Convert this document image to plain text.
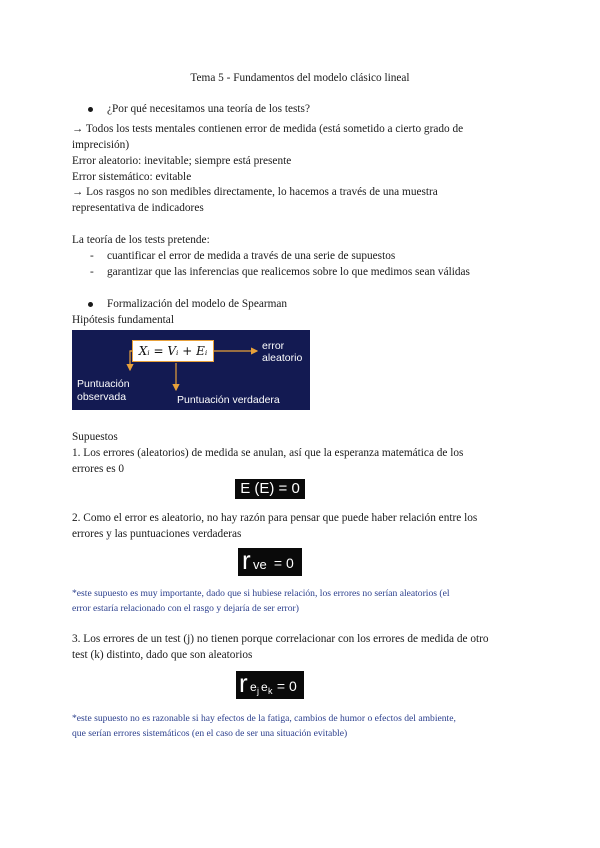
Tema 5 - Fundamentos del modelo clásico lineal
¿Por qué necesitamos una teoría de los tests?
→ Todos los tests mentales contienen error de medida (está sometido a cierto grado de
imprecisión)
Error aleatorio: inevitable; siempre está presente
Error sistemático: evitable
→ Los rasgos no son medibles directamente, lo hacemos a través de una muestra
representativa de indicadores
La teoría de los tests pretende:
- cuantificar el error de medida a través de una serie de supuestos
- garantizar que las inferencias que realicemos sobre lo que medimos sean válidas
Formalización del modelo de Spearman
Hipótesis fundamental
Xᵢ = Vᵢ + Eᵢ	error
aleatorio
Puntuación
observada	Puntuación verdadera
Supuestos
1. Los errores (aleatorios) de medida se anulan, así que la esperanza matemática de los
errores es 0
E (E) = 0
2. Como el error es aleatorio, no hay razón para pensar que puede haber relación entre los
errores y las puntuaciones verdaderas
r ve = 0
*este supuesto es muy importante, dado que si hubiese relación, los errores no serían aleatorios (el
error estaría relacionado con el rasgo y dejaría de ser error)
3. Los errores de un test (j) no tienen porque correlacionar con los errores de medida de otro
test (k) distinto, dado que son aleatorios
r e j e k = 0
*este supuesto no es razonable si hay efectos de la fatiga, cambios de humor o efectos del ambiente,
que serían errores sistemáticos (en el caso de ser una situación evitable)
